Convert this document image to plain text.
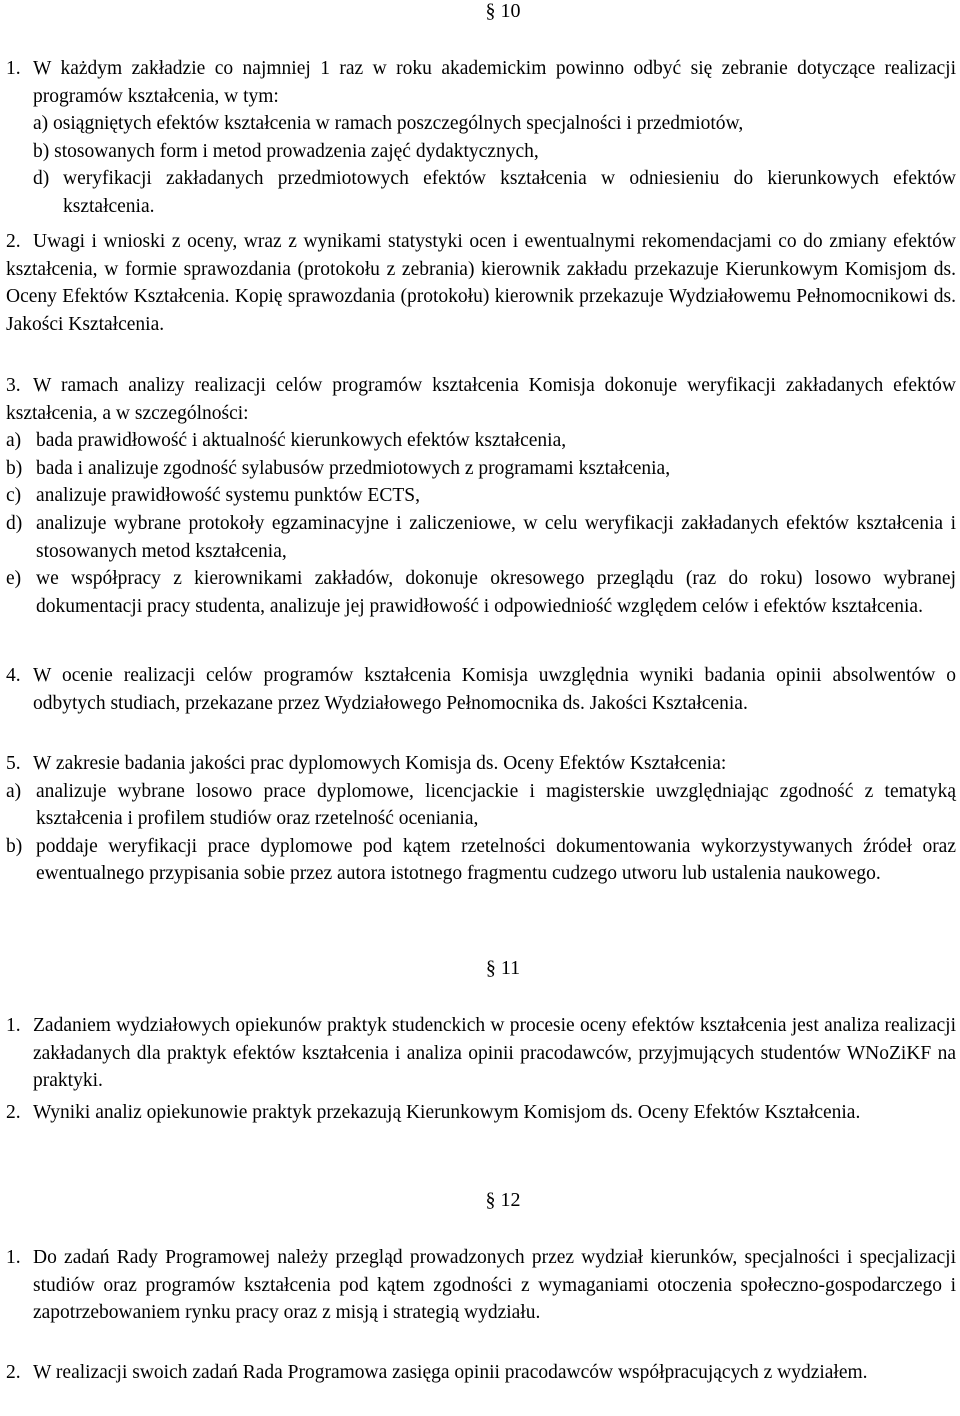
§ 10
1. W każdym zakładzie co najmniej 1 raz w roku akademickim powinno odbyć się zebranie dotyczące realizacji programów kształcenia, w tym:
a) osiągniętych efektów kształcenia w ramach poszczególnych specjalności i przedmiotów,
b) stosowanych form i metod prowadzenia zajęć dydaktycznych,
d) weryfikacji zakładanych przedmiotowych efektów kształcenia w odniesieniu do kierunkowych efektów kształcenia.
2. Uwagi i wnioski z oceny, wraz z wynikami statystyki ocen i ewentualnymi rekomendacjami co do zmiany efektów kształcenia, w formie sprawozdania (protokołu z zebrania) kierownik zakładu przekazuje Kierunkowym Komisjom ds. Oceny Efektów Kształcenia. Kopię sprawozdania (protokołu) kierownik przekazuje Wydziałowemu Pełnomocnikowi ds. Jakości Kształcenia.
3. W ramach analizy realizacji celów programów kształcenia Komisja dokonuje weryfikacji zakładanych efektów kształcenia, a w szczególności:
a) bada prawidłowość i aktualność kierunkowych efektów kształcenia,
b) bada i analizuje zgodność sylabusów przedmiotowych z programami kształcenia,
c) analizuje prawidłowość systemu punktów ECTS,
d) analizuje wybrane protokoły egzaminacyjne i zaliczeniowe, w celu weryfikacji zakładanych efektów kształcenia i stosowanych metod kształcenia,
e) we współpracy z kierownikami zakładów, dokonuje okresowego przeglądu (raz do roku) losowo wybranej dokumentacji pracy studenta, analizuje jej prawidłowość i odpowiedniość względem celów i efektów kształcenia.
4. W ocenie realizacji celów programów kształcenia Komisja uwzględnia wyniki badania opinii absolwentów o odbytych studiach, przekazane przez Wydziałowego Pełnomocnika ds. Jakości Kształcenia.
5. W zakresie badania jakości prac dyplomowych Komisja ds. Oceny Efektów Kształcenia:
a) analizuje wybrane losowo prace dyplomowe, licencjackie i magisterskie uwzględniając zgodność z tematyką kształcenia i profilem studiów oraz rzetelność oceniania,
b) poddaje weryfikacji prace dyplomowe pod kątem rzetelności dokumentowania wykorzystywanych źródeł oraz ewentualnego przypisania sobie przez autora istotnego fragmentu cudzego utworu lub ustalenia naukowego.
§ 11
1. Zadaniem wydziałowych opiekunów praktyk studenckich w procesie oceny efektów kształcenia jest analiza realizacji zakładanych dla praktyk efektów kształcenia i analiza opinii pracodawców, przyjmujących studentów WNoZiKF na praktyki.
2. Wyniki analiz opiekunowie praktyk przekazują Kierunkowym Komisjom ds. Oceny Efektów Kształcenia.
§ 12
1. Do zadań Rady Programowej należy przegląd prowadzonych przez wydział kierunków, specjalności i specjalizacji studiów oraz programów kształcenia pod kątem zgodności z wymaganiami otoczenia społeczno-gospodarczego i zapotrzebowaniem rynku pracy oraz z misją i strategią wydziału.
2. W realizacji swoich zadań Rada Programowa zasięga opinii pracodawców współpracujących z wydziałem.
